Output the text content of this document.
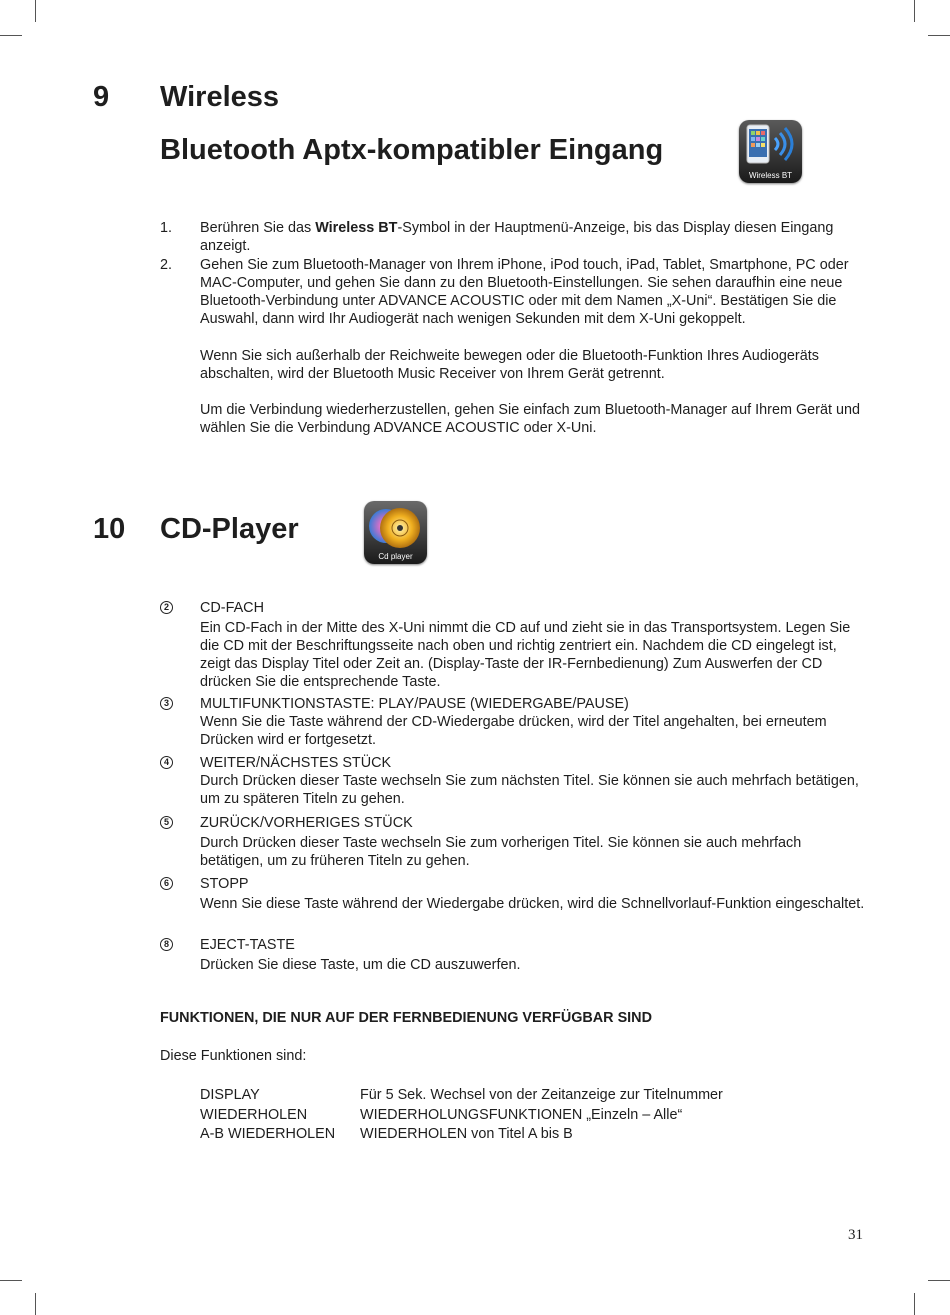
9 Wireless
Bluetooth Aptx-kompatibler Eingang
Wireless BT
1. Berühren Sie das Wireless BT-Symbol in der Hauptmenü-Anzeige, bis das Display diesen Eingang anzeigt.
2. Gehen Sie zum Bluetooth-Manager von Ihrem iPhone, iPod touch, iPad, Tablet, Smartphone, PC oder MAC-Computer, und gehen Sie dann zu den Bluetooth-Einstellungen. Sie sehen daraufhin eine neue Bluetooth-Verbindung unter ADVANCE ACOUSTIC oder mit dem Namen „X-Uni“. Bestätigen Sie die Auswahl, dann wird Ihr Audiogerät nach wenigen Sekunden mit dem X-Uni gekoppelt.
Wenn Sie sich außerhalb der Reichweite bewegen oder die Bluetooth-Funktion Ihres Audiogeräts abschalten, wird der Bluetooth Music Receiver von Ihrem Gerät getrennt.
Um die Verbindung wiederherzustellen, gehen Sie einfach zum Bluetooth-Manager auf Ihrem Gerät und wählen Sie die Verbindung ADVANCE ACOUSTIC oder X-Uni.
10 CD-Player
Cd player
2 CD-FACH
Ein CD-Fach in der Mitte des X-Uni nimmt die CD auf und zieht sie in das Transportsystem. Legen Sie die CD mit der Beschriftungsseite nach oben und richtig zentriert ein. Nachdem die CD eingelegt ist, zeigt das Display Titel oder Zeit an. (Display-Taste der IR-Fernbedienung) Zum Auswerfen der CD drücken Sie die entsprechende Taste.
3 MULTIFUNKTIONSTASTE: PLAY/PAUSE (WIEDERGABE/PAUSE)
Wenn Sie die Taste während der CD-Wiedergabe drücken, wird der Titel angehalten, bei erneutem Drücken wird er fortgesetzt.
4 WEITER/NÄCHSTES STÜCK
Durch Drücken dieser Taste wechseln Sie zum nächsten Titel. Sie können sie auch mehrfach betätigen, um zu späteren Titeln zu gehen.
5 ZURÜCK/VORHERIGES STÜCK
Durch Drücken dieser Taste wechseln Sie zum vorherigen Titel. Sie können sie auch mehrfach betätigen, um zu früheren Titeln zu gehen.
6 STOPP
Wenn Sie diese Taste während der Wiedergabe drücken, wird die Schnellvorlauf-Funktion eingeschaltet.
8 EJECT-TASTE
Drücken Sie diese Taste, um die CD auszuwerfen.
FUNKTIONEN, DIE NUR AUF DER FERNBEDIENUNG VERFÜGBAR SIND
Diese Funktionen sind:
DISPLAY	Für 5 Sek. Wechsel von der Zeitanzeige zur Titelnummer
WIEDERHOLEN	WIEDERHOLUNGSFUNKTIONEN „Einzeln – Alle“
A-B WIEDERHOLEN	WIEDERHOLEN von Titel A bis B
31
